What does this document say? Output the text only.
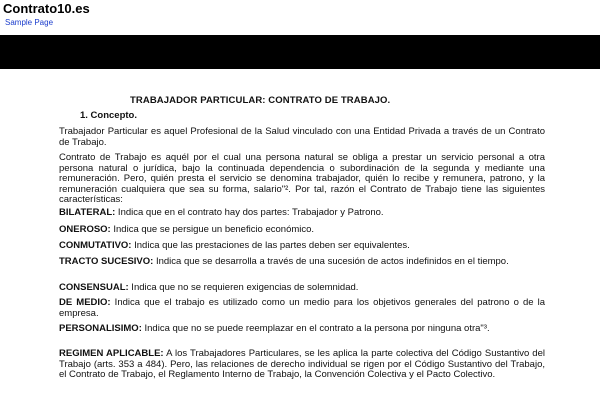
Contrato10.es
Sample Page
TRABAJADOR PARTICULAR: CONTRATO DE TRABAJO.
1. Concepto.

Trabajador Particular es aquel Profesional de la Salud vinculado con una Entidad Privada a través de un Contrato de Trabajo.

Contrato de Trabajo es aquél por el cual una persona natural se obliga a prestar un servicio personal a otra persona natural o jurídica, bajo la continuada dependencia o subordinación de la segunda y mediante una remuneración. Pero, quién presta el servicio se denomina trabajador, quién lo recibe y remunera, patrono, y la remuneración cualquiera que sea su forma, salario"². Por tal, razón el Contrato de Trabajo tiene las siguientes características:

BILATERAL: Indica que en el contrato hay dos partes: Trabajador y Patrono.

ONEROSO: Indica que se persigue un beneficio económico.

CONMUTATIVO: Indica que las prestaciones de las partes deben ser equivalentes.

TRACTO SUCESIVO: Indica que se desarrolla a través de una sucesión de actos indefinidos en el tiempo.

CONSENSUAL: Indica que no se requieren exigencias de solemnidad.

DE MEDIO: Indica que el trabajo es utilizado como un medio para los objetivos generales del patrono o de la empresa.

PERSONALISIMO: Indica que no se puede reemplazar en el contrato a la persona por ninguna otra"³.

REGIMEN APLICABLE: A los Trabajadores Particulares, se les aplica la parte colectiva del Código Sustantivo del Trabajo (arts. 353 a 484). Pero, las relaciones de derecho individual se rigen por el Código Sustantivo del Trabajo, el Contrato de Trabajo, el Reglamento Interno de Trabajo, la Convención Colectiva y el Pacto Colectivo.
